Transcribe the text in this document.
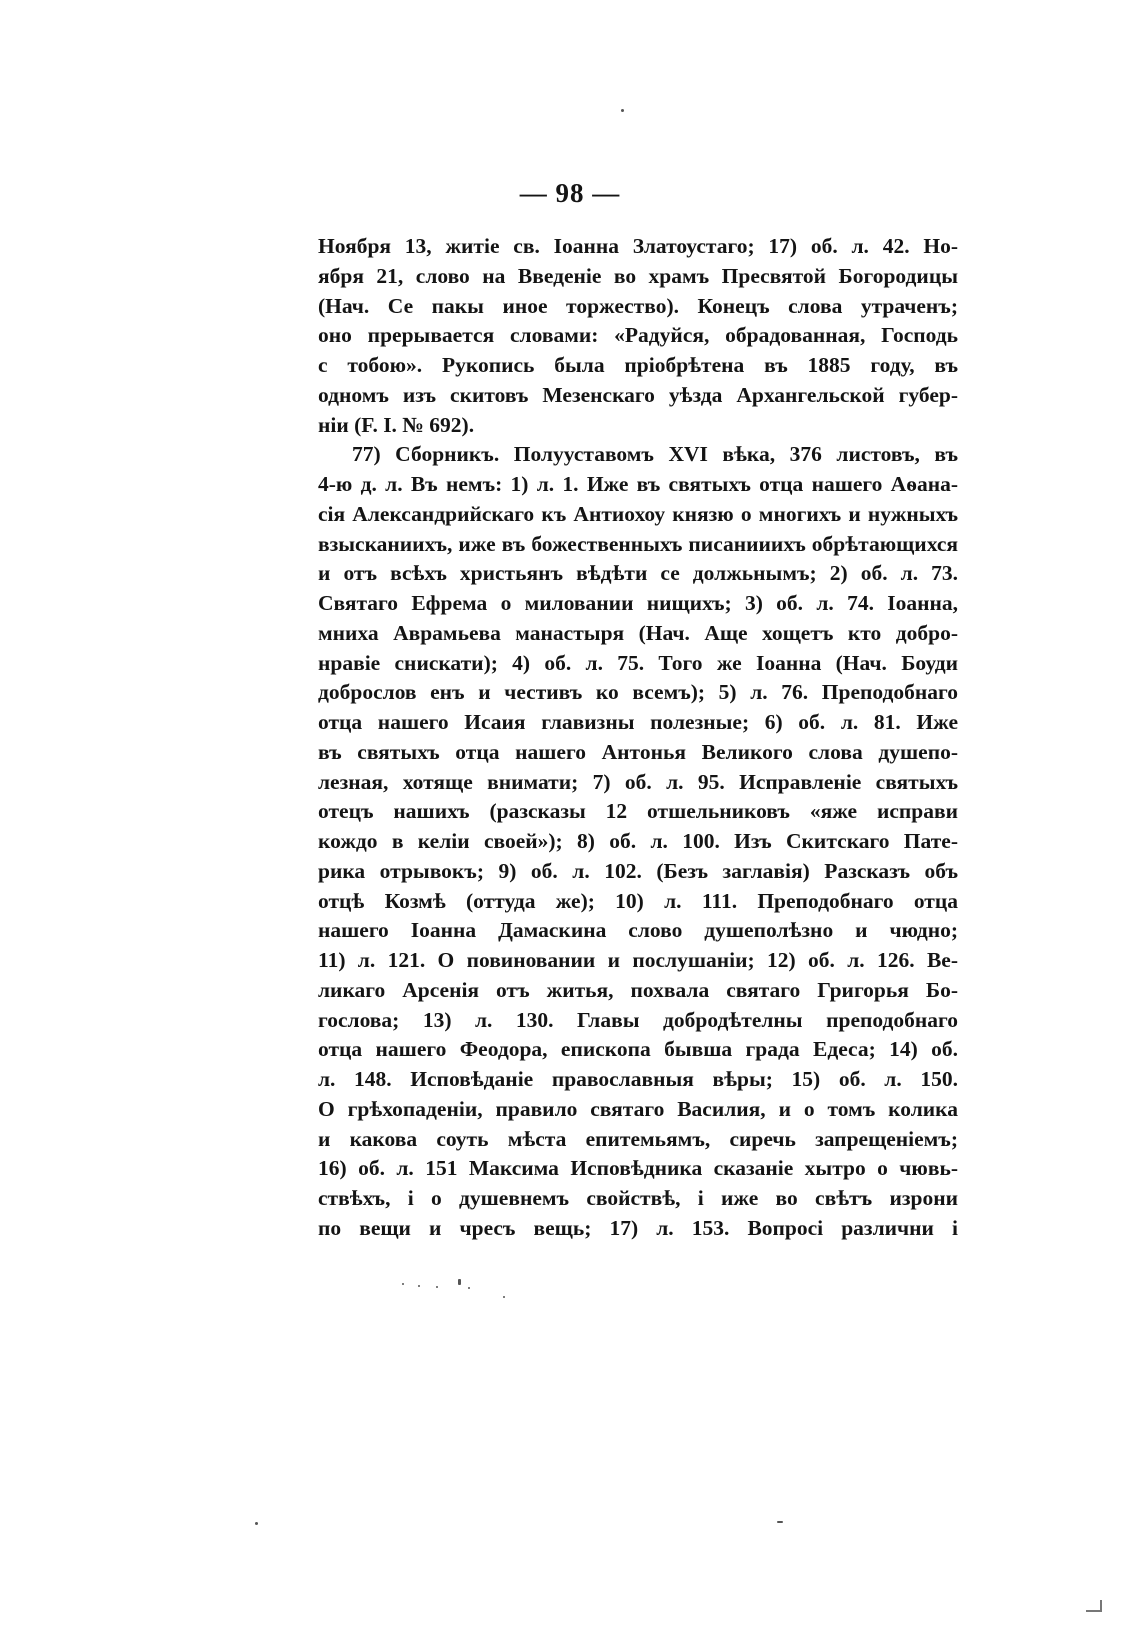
— 98 —
Ноября 13, житіе св. Іоанна Златоустаго; 17) об. л. 42. Но-
ября 21, слово на Введеніе во храмъ Пресвятой Богородицы
(Нач. Се пакы иное торжество). Конецъ слова утраченъ;
оно прерывается словами: «Радуйся, обрадованная, Господь
с тобою». Рукопись была пріобрѣтена въ 1885 году, въ
одномъ изъ скитовъ Мезенскаго уѣзда Архангельской губер-
ніи (F. I. № 692).
77) Сборникъ. Полууставомъ XVI вѣка, 376 листовъ, въ
4-ю д. л. Въ немъ: 1) л. 1. Иже въ святыхъ отца нашего Аѳана-
сія Александрийскаго къ Антиохоу князю о многихъ и нужныхъ
взысканиихъ, иже въ божественныхъ писанииихъ обрѣтающихся
и отъ всѣхъ христьянъ вѣдѣти се должьнымъ; 2) об. л. 73.
Святаго Ефрема о миловании нищихъ; 3) об. л. 74. Іоанна,
мниха Аврамьева манастыря (Нач. Аще хощетъ кто добро-
нравіе снискати); 4) об. л. 75. Того же Іоанна (Нач. Боуди
доброслов енъ и честивъ ко всемъ); 5) л. 76. Преподобнаго
отца нашего Исаия главизны полезные; 6) об. л. 81. Иже
въ святыхъ отца нашего Антонья Великого слова душепо-
лезная, хотяще внимати; 7) об. л. 95. Исправленіе святыхъ
отецъ нашихъ (разсказы 12 отшельниковъ «яже исправи
кождо в келіи своей»); 8) об. л. 100. Изъ Скитскаго Пате-
рика отрывокъ; 9) об. л. 102. (Безъ заглавія) Разсказъ объ
отцѣ Козмѣ (оттуда же); 10) л. 111. Преподобнаго отца
нашего Іоанна Дамаскина слово душеполѣзно и чюдно;
11) л. 121. О повиновании и послушаніи; 12) об. л. 126. Ве-
ликаго Арсенія отъ житья, похвала святаго Григорья Бо-
гослова; 13) л. 130. Главы добродѣтелны преподобнаго
отца нашего Феодора, епископа бывша града Едеса; 14) об.
л. 148. Исповѣданіе православныя вѣры; 15) об. л. 150.
О грѣхопаденіи, правило святаго Василия, и о томъ колика
и какова соуть мѣста епитемьямъ, сиречь запрещеніемъ;
16) об. л. 151 Максима Исповѣдника сказаніе хытро о чювь-
ствѣхъ, і о душевнемъ свойствѣ, і иже во свѣтъ изрони
по вещи и чресъ вещь; 17) л. 153. Вопросі различни і
